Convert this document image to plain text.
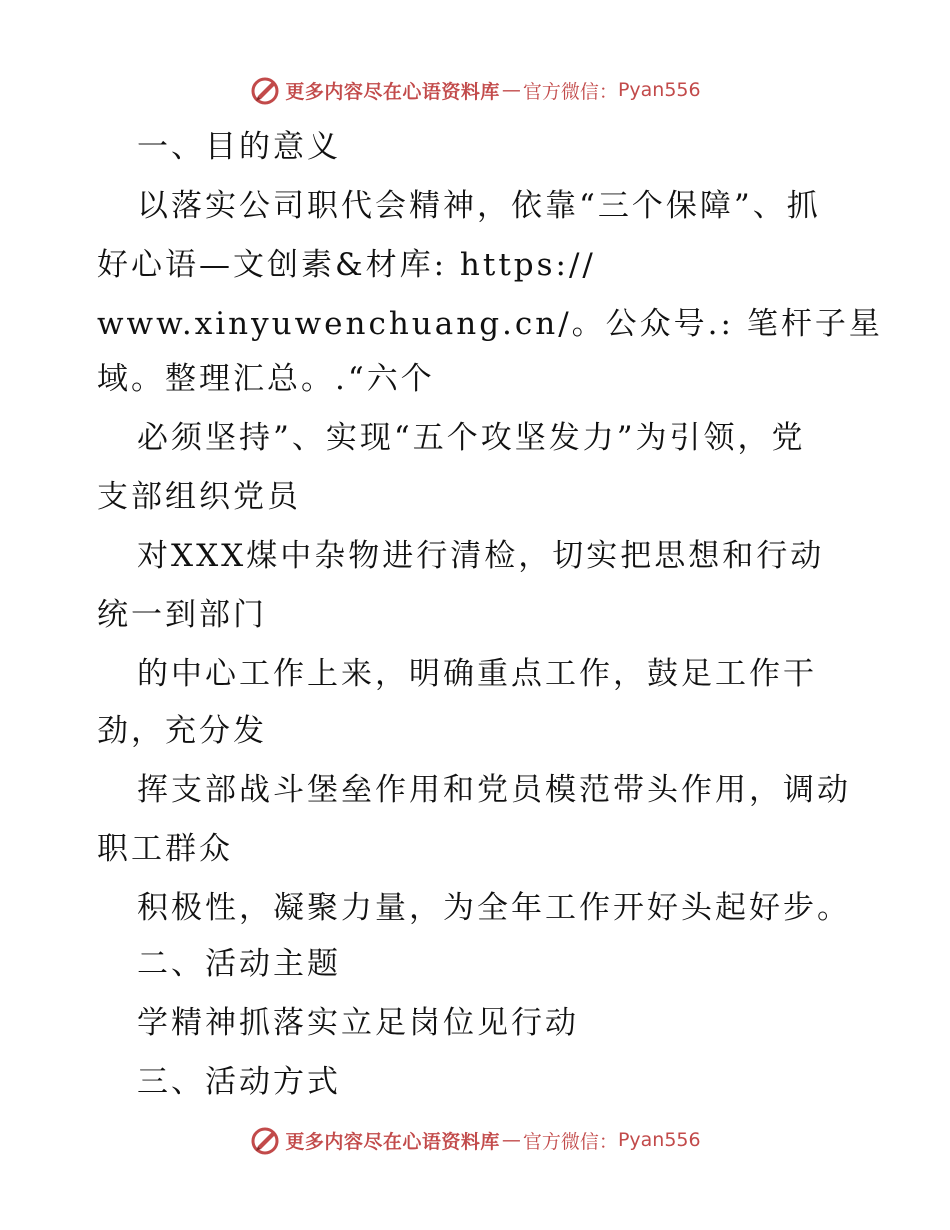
更多内容尽在心语资料库 — 官方微信： Pyan556
一、目的意义
以落实公司职代会精神，依靠“三个保障”、抓
好心语—文创素&材库: https://
www.xinyuwenchuang.cn/。公众号.: 笔杆子星
域。整理汇总。.“六个
必须坚持”、实现“五个攻坚发力”为引领，党
支部组织党员
对XXX煤中杂物进行清检，切实把思想和行动
统一到部门
的中心工作上来，明确重点工作，鼓足工作干
劲，充分发
挥支部战斗堡垒作用和党员模范带头作用，调动
职工群众
积极性，凝聚力量，为全年工作开好头起好步。
二、活动主题
学精神抓落实立足岗位见行动
三、活动方式
更多内容尽在心语资料库 — 官方微信： Pyan556
